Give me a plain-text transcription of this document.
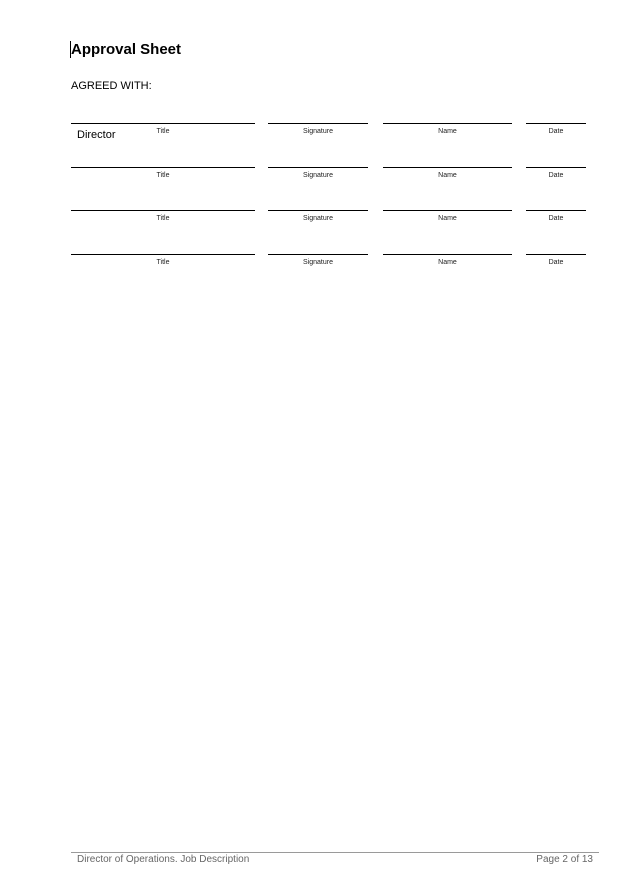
Approval Sheet
AGREED WITH:
Director	Title	Signature	Name	Date
Title	Signature	Name	Date
Title	Signature	Name	Date
Title	Signature	Name	Date
Director of Operations. Job Description	Page 2 of 13
